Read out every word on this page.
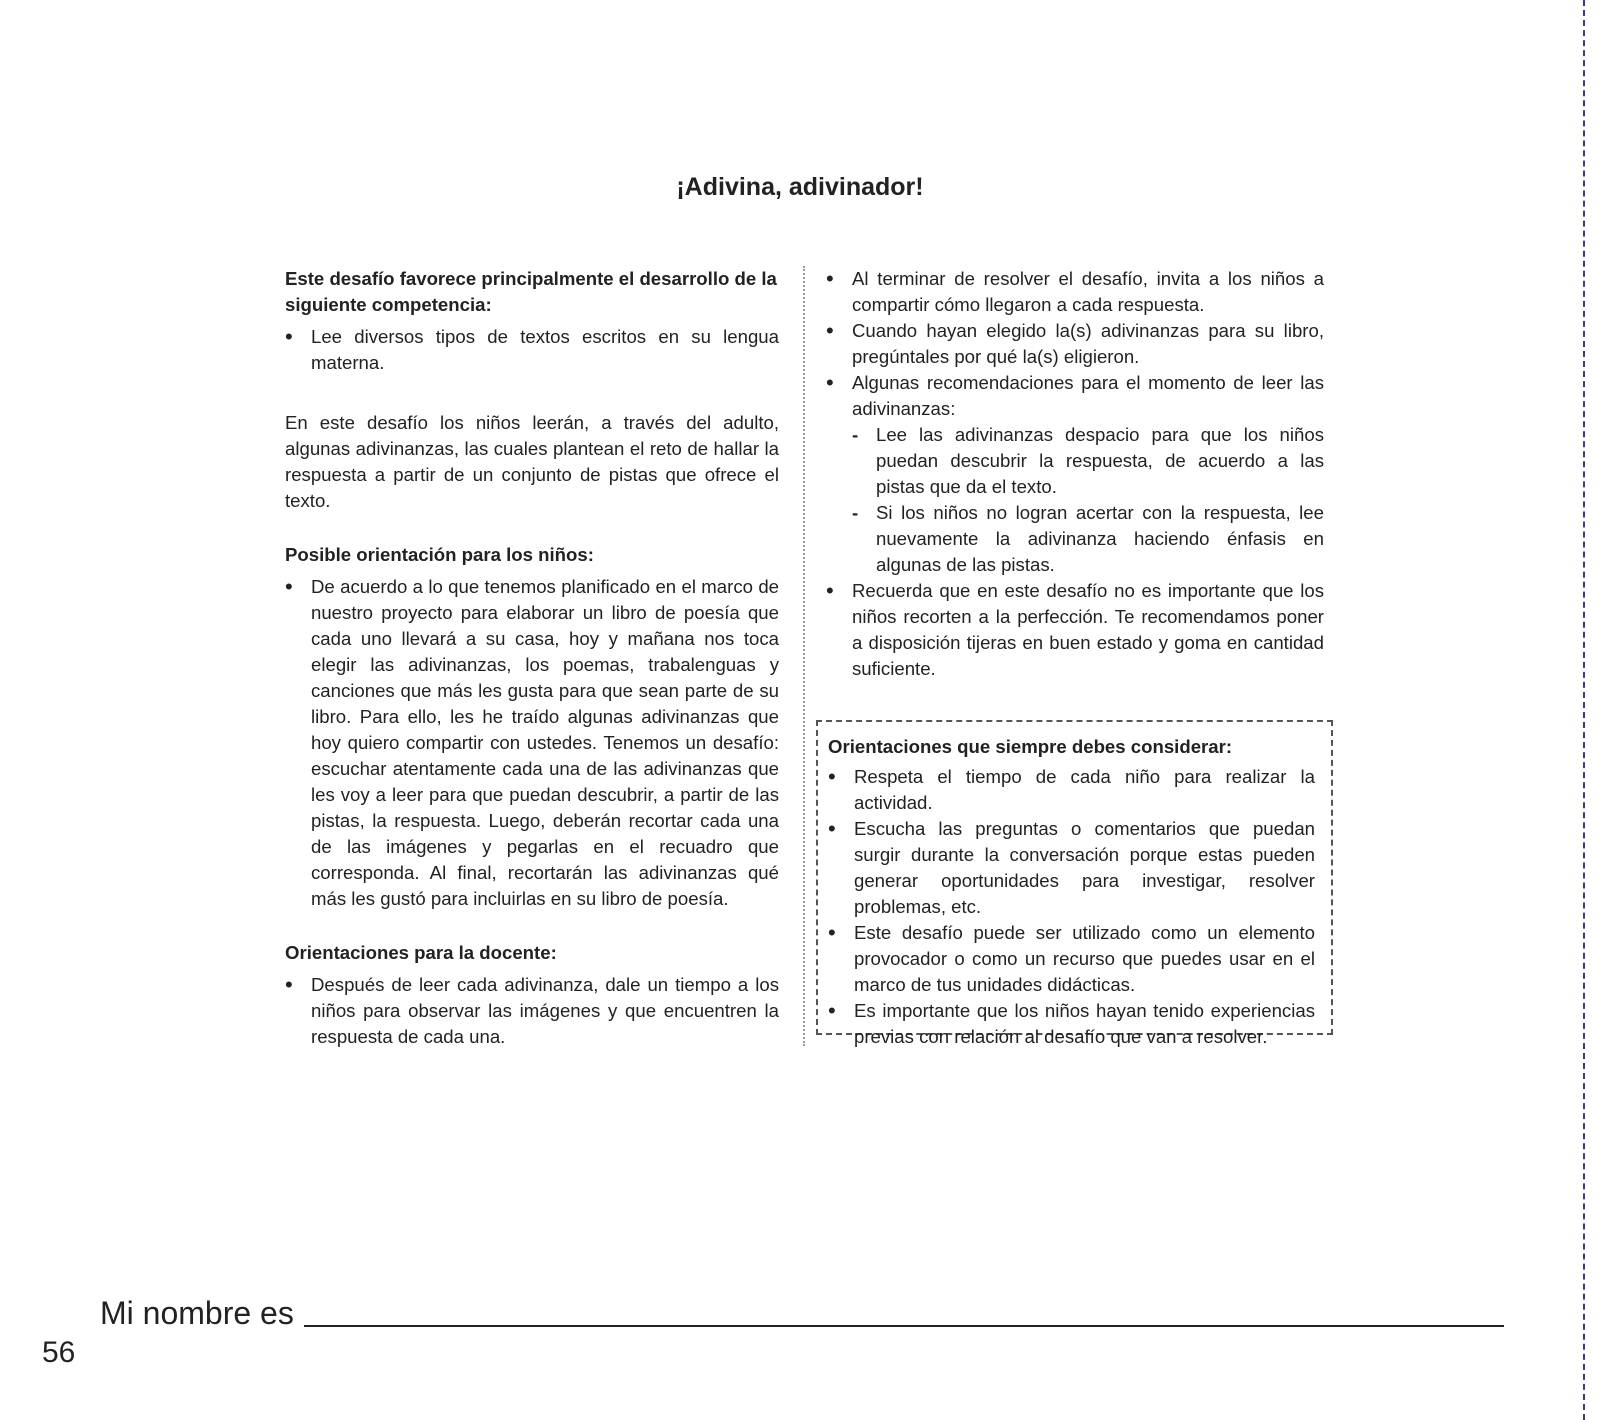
¡Adivina, adivinador!

Este desafío favorece principalmente el desarrollo de la siguiente competencia:

• Lee diversos tipos de textos escritos en su lengua materna.

En este desafío los niños leerán, a través del adulto, algunas adivinanzas, las cuales plantean el reto de hallar la respuesta a partir de un conjunto de pistas que ofrece el texto.

Posible orientación para los niños:

• De acuerdo a lo que tenemos planificado en el marco de nuestro proyecto para elaborar un libro de poesía que cada uno llevará a su casa, hoy y mañana nos toca elegir las adivinanzas, los poemas, trabalenguas y canciones que más les gusta para que sean parte de su libro. Para ello, les he traído algunas adivinanzas que hoy quiero compartir con ustedes. Tenemos un desafío: escuchar atentamente cada una de las adivinanzas que les voy a leer para que puedan descubrir, a partir de las pistas, la respuesta. Luego, deberán recortar cada una de las imágenes y pegarlas en el recuadro que corresponda. Al final, recortarán las adivinanzas qué más les gustó para incluirlas en su libro de poesía.

Orientaciones para la docente:

• Después de leer cada adivinanza, dale un tiempo a los niños para observar las imágenes y que encuentren la respuesta de cada una.
• Al terminar de resolver el desafío, invita a los niños a compartir cómo llegaron a cada respuesta.
• Cuando hayan elegido la(s) adivinanzas para su libro, pregúntales por qué la(s) eligieron.
• Algunas recomendaciones para el momento de leer las adivinanzas:
- Lee las adivinanzas despacio para que los niños puedan descubrir la respuesta, de acuerdo a las pistas que da el texto.
- Si los niños no logran acertar con la respuesta, lee nuevamente la adivinanza haciendo énfasis en algunas de las pistas.
• Recuerda que en este desafío no es importante que los niños recorten a la perfección. Te recomendamos poner a disposición tijeras en buen estado y goma en cantidad suficiente.

Orientaciones que siempre debes considerar:

• Respeta el tiempo de cada niño para realizar la actividad.
• Escucha las preguntas o comentarios que puedan surgir durante la conversación porque estas pueden generar oportunidades para investigar, resolver problemas, etc.
• Este desafío puede ser utilizado como un elemento provocador o como un recurso que puedes usar en el marco de tus unidades didácticas.
• Es importante que los niños hayan tenido experiencias previas con relación al desafío que van a resolver.
Mi nombre es
56
